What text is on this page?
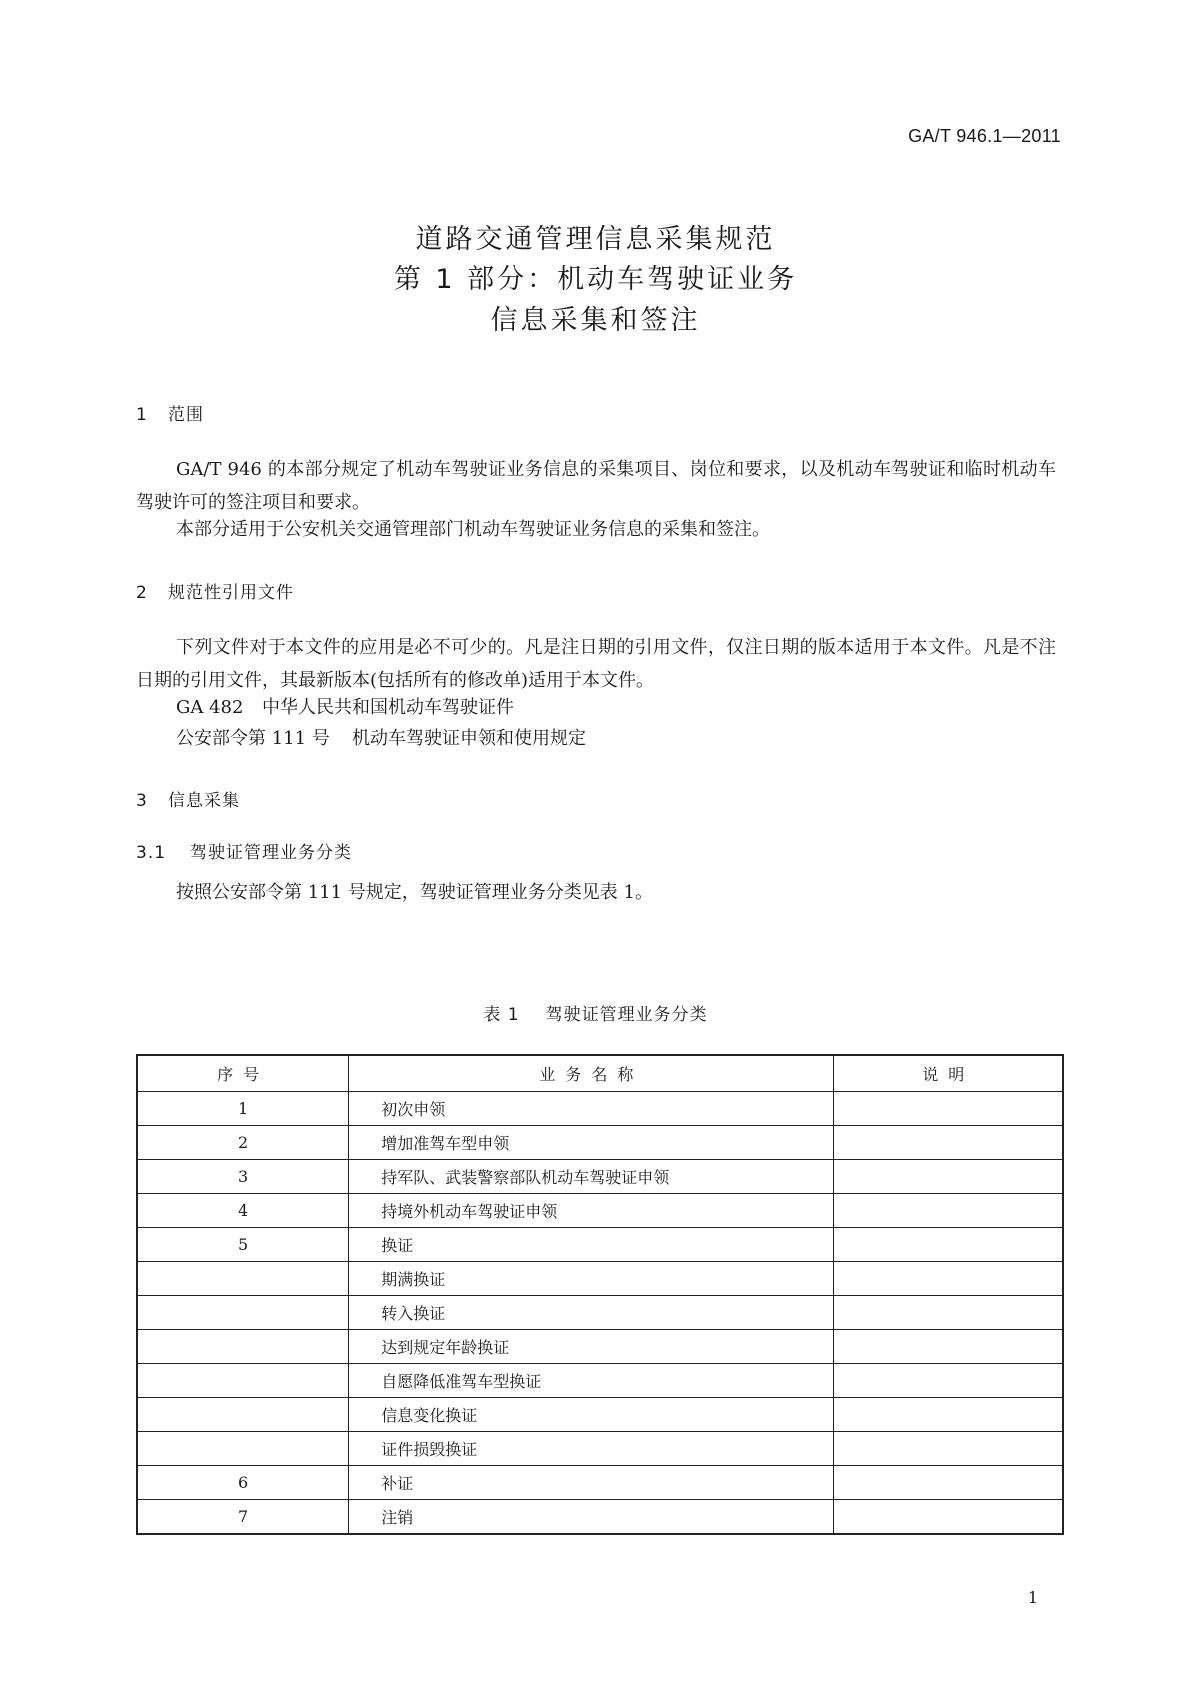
GA/T 946.1—2011
道路交通管理信息采集规范
第 1 部分：机动车驾驶证业务
信息采集和签注
1 范围
GA/T 946 的本部分规定了机动车驾驶证业务信息的采集项目、岗位和要求，以及机动车驾驶证和临时机动车驾驶许可的签注项目和要求。
本部分适用于公安机关交通管理部门机动车驾驶证业务信息的采集和签注。
2 规范性引用文件
下列文件对于本文件的应用是必不可少的。凡是注日期的引用文件，仅注日期的版本适用于本文件。凡是不注日期的引用文件，其最新版本(包括所有的修改单)适用于本文件。
GA 482 中华人民共和国机动车驾驶证件
公安部令第 111 号 机动车驾驶证申领和使用规定
3 信息采集
3.1 驾驶证管理业务分类
按照公安部令第 111 号规定，驾驶证管理业务分类见表 1。
表 1 驾驶证管理业务分类
序号	业务名称	说明
1	初次申领	
2	增加准驾车型申领	
3	持军队、武装警察部队机动车驾驶证申领	
4	持境外机动车驾驶证申领	
5	换证	
	期满换证	
	转入换证	
	达到规定年龄换证	
	自愿降低准驾车型换证	
	信息变化换证	
	证件损毁换证	
6	补证	
7	注销	
1
